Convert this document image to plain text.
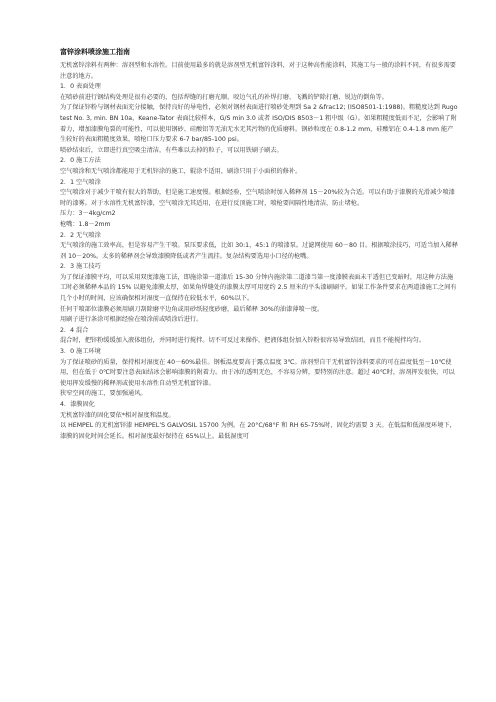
富锌涂料喷涂施工指南

无机富锌涂料有两种：溶剂型和水溶性。目前使用最多的就是溶剂型无机富锌涂料，对于这种高性能涂料，其施工与一般的涂料不同，有很多需要注意的地方。

1．0 表面处理

在喷砂前进行钢结构处理是很有必要的，包括焊缝的打磨光顺、咬边气孔的补焊打磨、飞溅的铲除打磨、锐边的倒角等。

为了保证锌粉与钢材表面充分接触，保持良好的导电性，必须对钢材表面进行喷砂处理到 Sa 2 &frac12; (ISO8501-1:1988)。粗糙度达到 Rugotest No. 3, min. BN 10a，Keane-Tator 表面比较样本，G/S min 3.0 或者 ISO/DIS 8503－1 粗中级（G）。如果粗糙度低而不足，会影响了附着力，增加漆膜龟裂的可能性，可以使用钢砂、硅酸铝等无油无水无其污物的优质磨料。钢砂粒度在 0.8-1.2 mm，硅酸铝在 0.4-1.8 mm 能产生较好的表面粗糙度效果，喷枪口压力要求 6-7 bar/85-100 psi。

喷砂结束后，立即进行真空吸尘清洁，有些难以去掉的粒子，可以用铁刷子刷去。

2．0 施工方法

空气喷涂和无气喷涂都能用于无机锌涂的施工，辊涂不适用，刷涂只用于小面积的修补。

2．1 空气喷涂

空气喷涂对于减少干喷有很大的帮助，但是施工速度慢。根据经验，空气喷涂时加入稀释剂 15－20%较为合适。可以有助于漆膜的光滑减少喷漆时的漆雾。对于水溶性无机富锌漆，空气喷涂无其适用，在进行反顶施工时，喷枪要间隔性地清洁，防止堵枪。

压力：3－4kg/cm2

枪嘴：1.8－2mm

2．2 无气喷涂

无气喷涂的施工效率高，但是容易产生干喷。泵压要求低，比如 30:1，45:1 的喷漆泵。过滤网使用 60－80 目。根据喷涂技巧，可适当加入稀释剂 10－20%。太多的稀释剂会导致漆膜降低或者产生流挂。复杂结构要选用小口径的枪嘴。

2．3 施工技巧

为了保证漆膜平均，可以采用双度漆施工法，即施涂第一道漆后 15-30 分钟内施涂第二道漆当第一度漆膜表面未干透但已变暗时，用这种方法施工时必须稀释本品的 15% 以避免漆膜太厚，如果角焊缝处的漆膜太厚可用宽约 2.5 厘米的平头漆刷刷平。如果工作条件要求在两道漆施工之间有几个小时的时间，应该确保相对湿度一直保持在较低水平，60%以下。

任何干喷部位漆膜必须用刷刀刮除磨平边角或用砂纸轻度砂磨，最后稀释 30%的油漆薄喷一度。

用刷子进行条涂可根据经验在喷涂前或喷涂后进行。

2．4 混合

混合时，把锌粉缓缓加入液体组份，并同时进行搅拌。切不可反过来操作，把液体组份加入锌粉很容易导致结团，而且不能搅拌均匀。

3．0 施工环境

为了保证喷砂的质量，保持相对湿度在 40－60%最佳。钢板温度要高于露点温度 3℃。溶剂型自干无机富锌涂料要求的可在温度低至－10℃使用，但在低于 0℃时要注意表面结冰会影响漆膜的附着力。由于冰的透明无色，不容易分辨，要特别的注意。超过 40℃时，溶剂挥发很快，可以使用挥发缓慢的稀释剂或使用水溶性自动型无机富锌漆。

狭窄空间的施工，要加强通风。

4．漆膜固化

无机富锌漆的固化要依*相对湿度和温度。

以 HEMPEL 的无机富锌漆 HEMPEL’S GALVOSIL 15700 为例。在 20°C/68°F 和 RH 65-75%时，固化约需要 3 天。在低温和低湿度环境下，漆膜的固化时间会延长。相对湿度最好保持在 65%以上。最低湿度可
